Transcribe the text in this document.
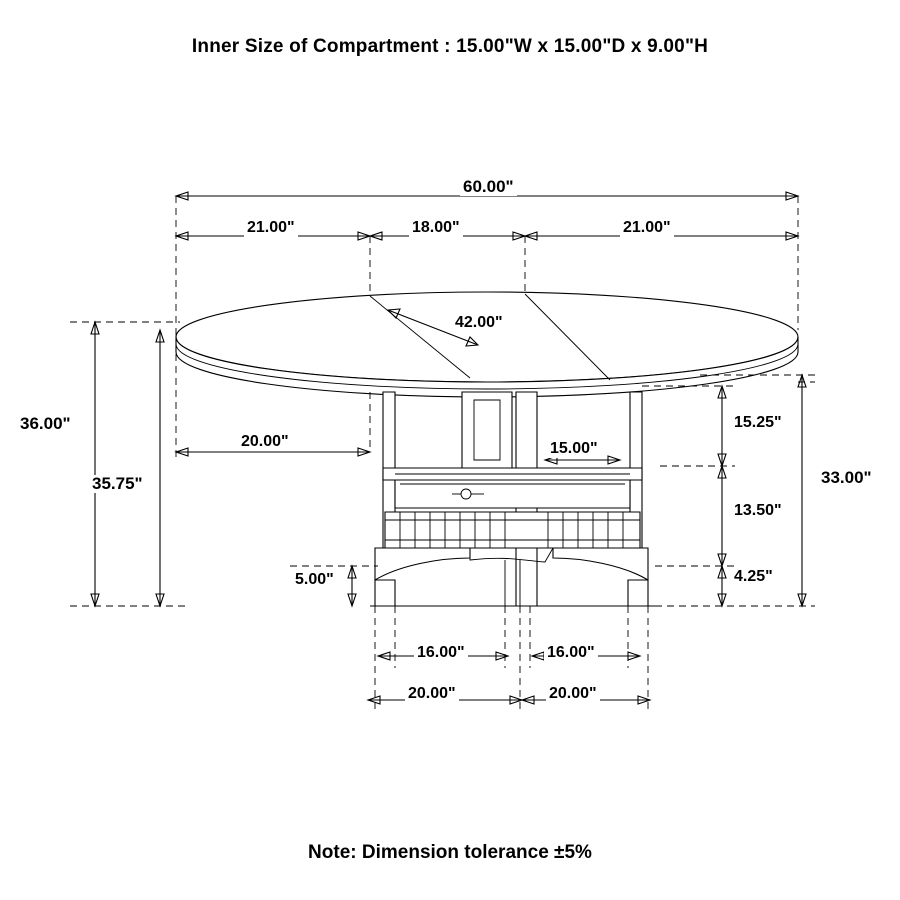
Inner Size of Compartment : 15.00"W x 15.00"D x 9.00"H
60.00"
21.00"	18.00"	21.00"
42.00"
36.00"
35.75"
20.00"	15.00"
15.25"
13.50"
4.25"
33.00"
5.00"
16.00"	16.00"
20.00"	20.00"
Note: Dimension tolerance ±5%
